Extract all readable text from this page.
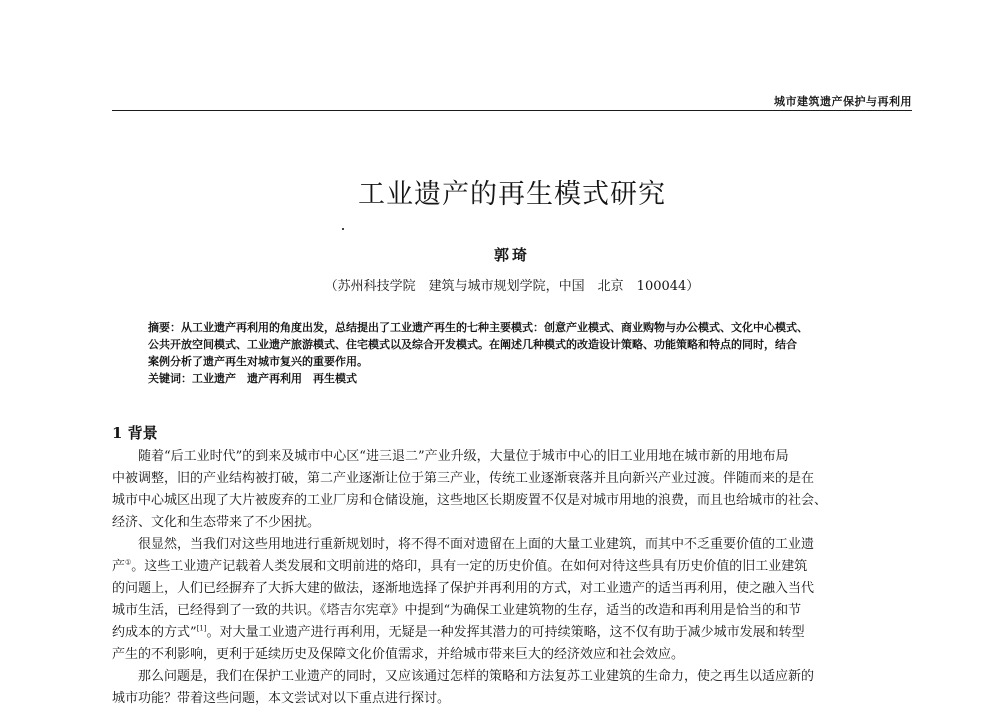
城市建筑遗产保护与再利用
工业遗产的再生模式研究
郭琦
（苏州科技学院　建筑与城市规划学院，中国　北京　100044）
摘要：从工业遗产再利用的角度出发，总结提出了工业遗产再生的七种主要模式：创意产业模式、商业购物与办公模式、文化中心模式、
公共开放空间模式、工业遗产旅游模式、住宅模式以及综合开发模式。在阐述几种模式的改造设计策略、功能策略和特点的同时，结合
案例分析了遗产再生对城市复兴的重要作用。
关键词：工业遗产　遗产再利用　再生模式
1 背景
随着“后工业时代”的到来及城市中心区“进三退二”产业升级，大量位于城市中心的旧工业用地在城市新的用地布局
中被调整，旧的产业结构被打破，第二产业逐渐让位于第三产业，传统工业逐渐衰落并且向新兴产业过渡。伴随而来的是在
城市中心城区出现了大片被废弃的工业厂房和仓储设施，这些地区长期废置不仅是对城市用地的浪费，而且也给城市的社会、
经济、文化和生态带来了不少困扰。
很显然，当我们对这些用地进行重新规划时，将不得不面对遗留在上面的大量工业建筑，而其中不乏重要价值的工业遗
产①。这些工业遗产记载着人类发展和文明前进的烙印，具有一定的历史价值。在如何对待这些具有历史价值的旧工业建筑
的问题上，人们已经摒弃了大拆大建的做法，逐渐地选择了保护并再利用的方式，对工业遗产的适当再利用，使之融入当代
城市生活，已经得到了一致的共识。《塔吉尔宪章》中提到“为确保工业建筑物的生存，适当的改造和再利用是恰当的和节
约成本的方式”[1]。对大量工业遗产进行再利用，无疑是一种发挥其潜力的可持续策略，这不仅有助于减少城市发展和转型
产生的不利影响，更利于延续历史及保障文化价值需求，并给城市带来巨大的经济效应和社会效应。
那么问题是，我们在保护工业遗产的同时，又应该通过怎样的策略和方法复苏工业建筑的生命力，使之再生以适应新的
城市功能？带着这些问题，本文尝试对以下重点进行探讨。
